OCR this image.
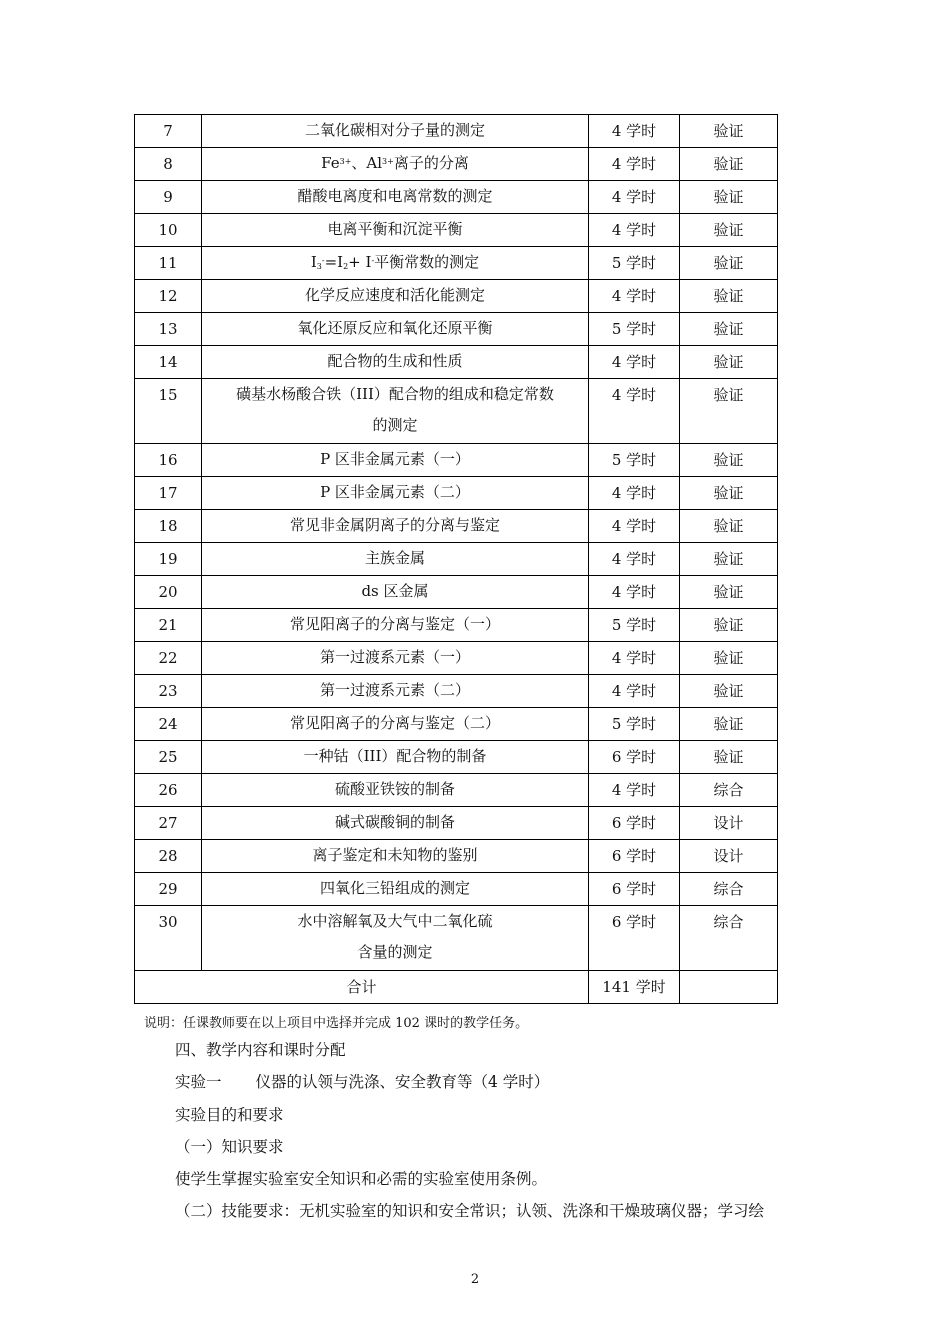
7	二氧化碳相对分子量的测定	4 学时	验证
8	$Fe^{3+}$、$Al^{3+}$离子的分离	4 学时	验证
9	醋酸电离度和电离常数的测定	4 学时	验证
10	电离平衡和沉淀平衡	4 学时	验证
11	$I_3^-=I_2+ I^-$平衡常数的测定	5 学时	验证
12	化学反应速度和活化能测定	4 学时	验证
13	氧化还原反应和氧化还原平衡	5 学时	验证
14	配合物的生成和性质	4 学时	验证
15	磺基水杨酸合铁（III）配合物的组成和稳定常数
的测定	4 学时	验证
16	P 区非金属元素（一）	5 学时	验证
17	P 区非金属元素（二）	4 学时	验证
18	常见非金属阴离子的分离与鉴定	4 学时	验证
19	主族金属	4 学时	验证
20	ds 区金属	4 学时	验证
21	常见阳离子的分离与鉴定（一）	5 学时	验证
22	第一过渡系元素（一）	4 学时	验证
23	第一过渡系元素（二）	4 学时	验证
24	常见阳离子的分离与鉴定（二）	5 学时	验证
25	一种钴（III）配合物的制备	6 学时	验证
26	硫酸亚铁铵的制备	4 学时	综合
27	碱式碳酸铜的制备	6 学时	设计
28	离子鉴定和未知物的鉴别	6 学时	设计
29	四氧化三铅组成的测定	6 学时	综合
30	水中溶解氧及大气中二氧化硫
含量的测定	6 学时	综合
合计		141 学时	
说明：任课教师要在以上项目中选择并完成 102 课时的教学任务。
四、教学内容和课时分配
实验一 仪器的认领与洗涤、安全教育等（4 学时）
实验目的和要求
（一）知识要求
使学生掌握实验室安全知识和必需的实验室使用条例。
（二）技能要求：无机实验室的知识和安全常识；认领、洗涤和干燥玻璃仪器；学习绘
2
